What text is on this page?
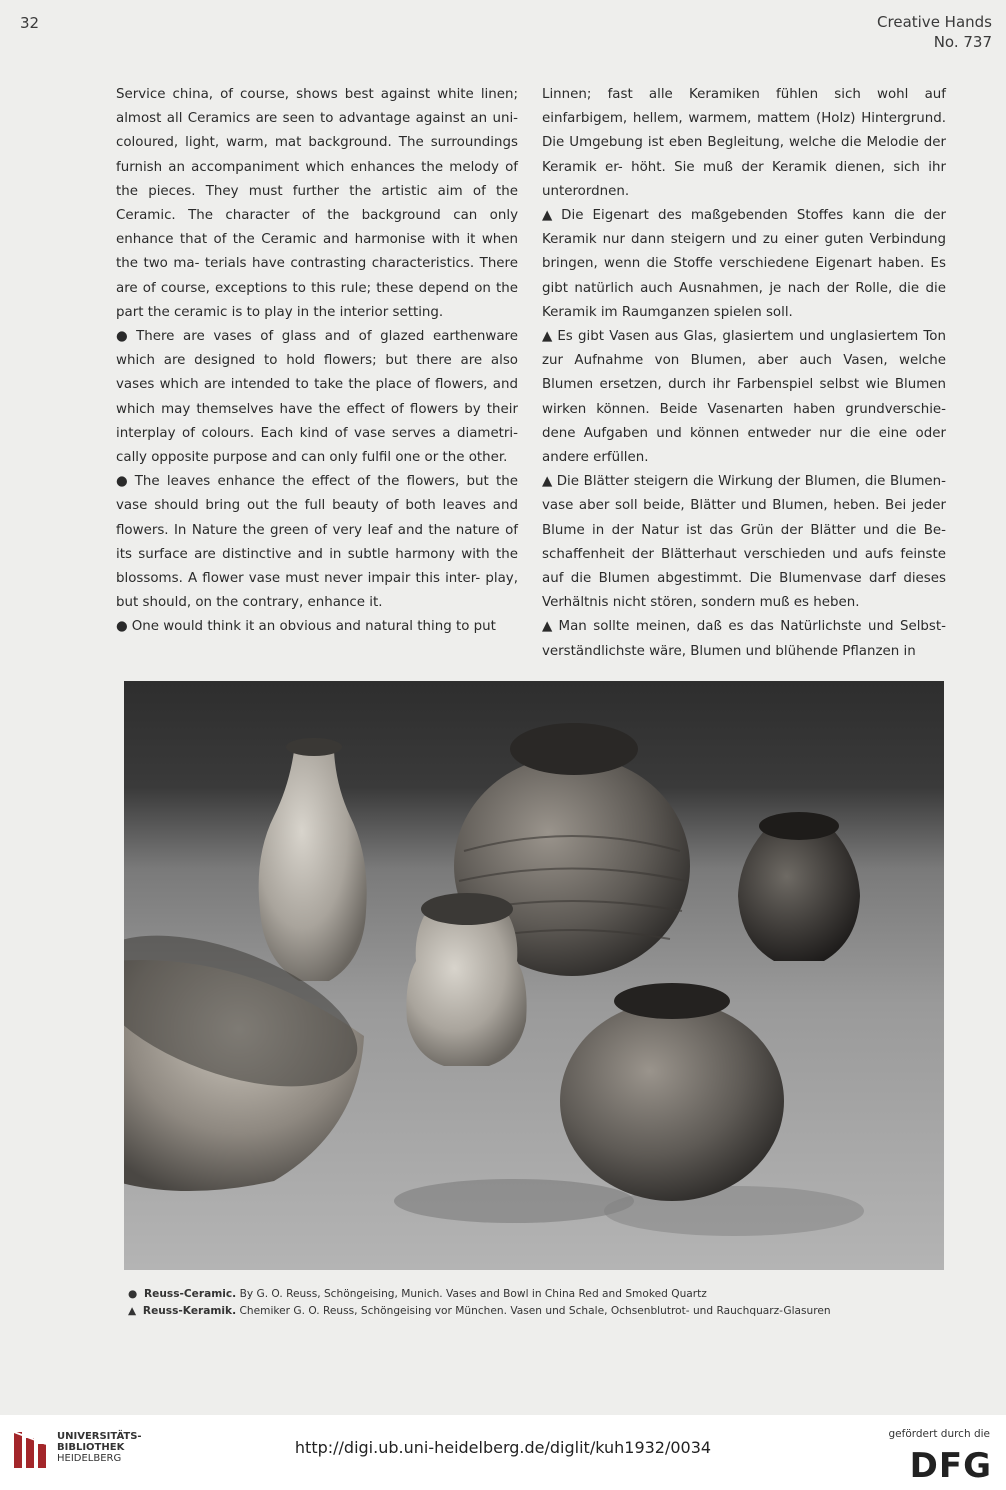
32	Creative Hands
No. 737

Service china, of course, shows best against white linen; almost all Ceramics are seen to advantage against an uni- coloured, light, warm, mat background. The surroundings furnish an accompaniment which enhances the melody of the pieces. They must further the artistic aim of the Ceramic. The character of the background can only enhance that of the Ceramic and harmonise with it when the two ma- terials have contrasting characteristics. There are of course, exceptions to this rule; these depend on the part the ceramic is to play in the interior setting.

● There are vases of glass and of glazed earthenware which are designed to hold flowers; but there are also vases which are intended to take the place of flowers, and which may themselves have the effect of flowers by their interplay of colours. Each kind of vase serves a diametri- cally opposite purpose and can only fulfil one or the other.

● The leaves enhance the effect of the flowers, but the vase should bring out the full beauty of both leaves and flowers. In Nature the green of very leaf and the nature of its surface are distinctive and in subtle harmony with the blossoms. A flower vase must never impair this inter- play, but should, on the contrary, enhance it.

● One would think it an obvious and natural thing to put

Linnen; fast alle Keramiken fühlen sich wohl auf einfarbigem, hellem, warmem, mattem (Holz) Hintergrund. Die Umgebung ist eben Begleitung, welche die Melodie der Keramik er- höht. Sie muß der Keramik dienen, sich ihr unterordnen.

▲ Die Eigenart des maßgebenden Stoffes kann die der Keramik nur dann steigern und zu einer guten Verbindung bringen, wenn die Stoffe verschiedene Eigenart haben. Es gibt natürlich auch Ausnahmen, je nach der Rolle, die die Keramik im Raumganzen spielen soll.

▲ Es gibt Vasen aus Glas, glasiertem und unglasiertem Ton zur Aufnahme von Blumen, aber auch Vasen, welche Blumen ersetzen, durch ihr Farbenspiel selbst wie Blumen wirken können. Beide Vasenarten haben grundverschie- dene Aufgaben und können entweder nur die eine oder andere erfüllen.

▲ Die Blätter steigern die Wirkung der Blumen, die Blumen- vase aber soll beide, Blätter und Blumen, heben. Bei jeder Blume in der Natur ist das Grün der Blätter und die Be- schaffenheit der Blätterhaut verschieden und aufs feinste auf die Blumen abgestimmt. Die Blumenvase darf dieses Verhältnis nicht stören, sondern muß es heben.

▲ Man sollte meinen, daß es das Natürlichste und Selbst- verständlichste wäre, Blumen und blühende Pflanzen in

● Reuss-Ceramic. By G. O. Reuss, Schöngeising, Munich. Vases and Bowl in China Red and Smoked Quartz
▲ Reuss-Keramik. Chemiker G. O. Reuss, Schöngeising vor München. Vasen und Schale, Ochsenblutrot- und Rauchquarz-Glasuren
UNIVERSITÄTS-
BIBLIOTHEK
HEIDELBERG
http://digi.ub.uni-heidelberg.de/diglit/kuh1932/0034
gefördert durch die
DFG
